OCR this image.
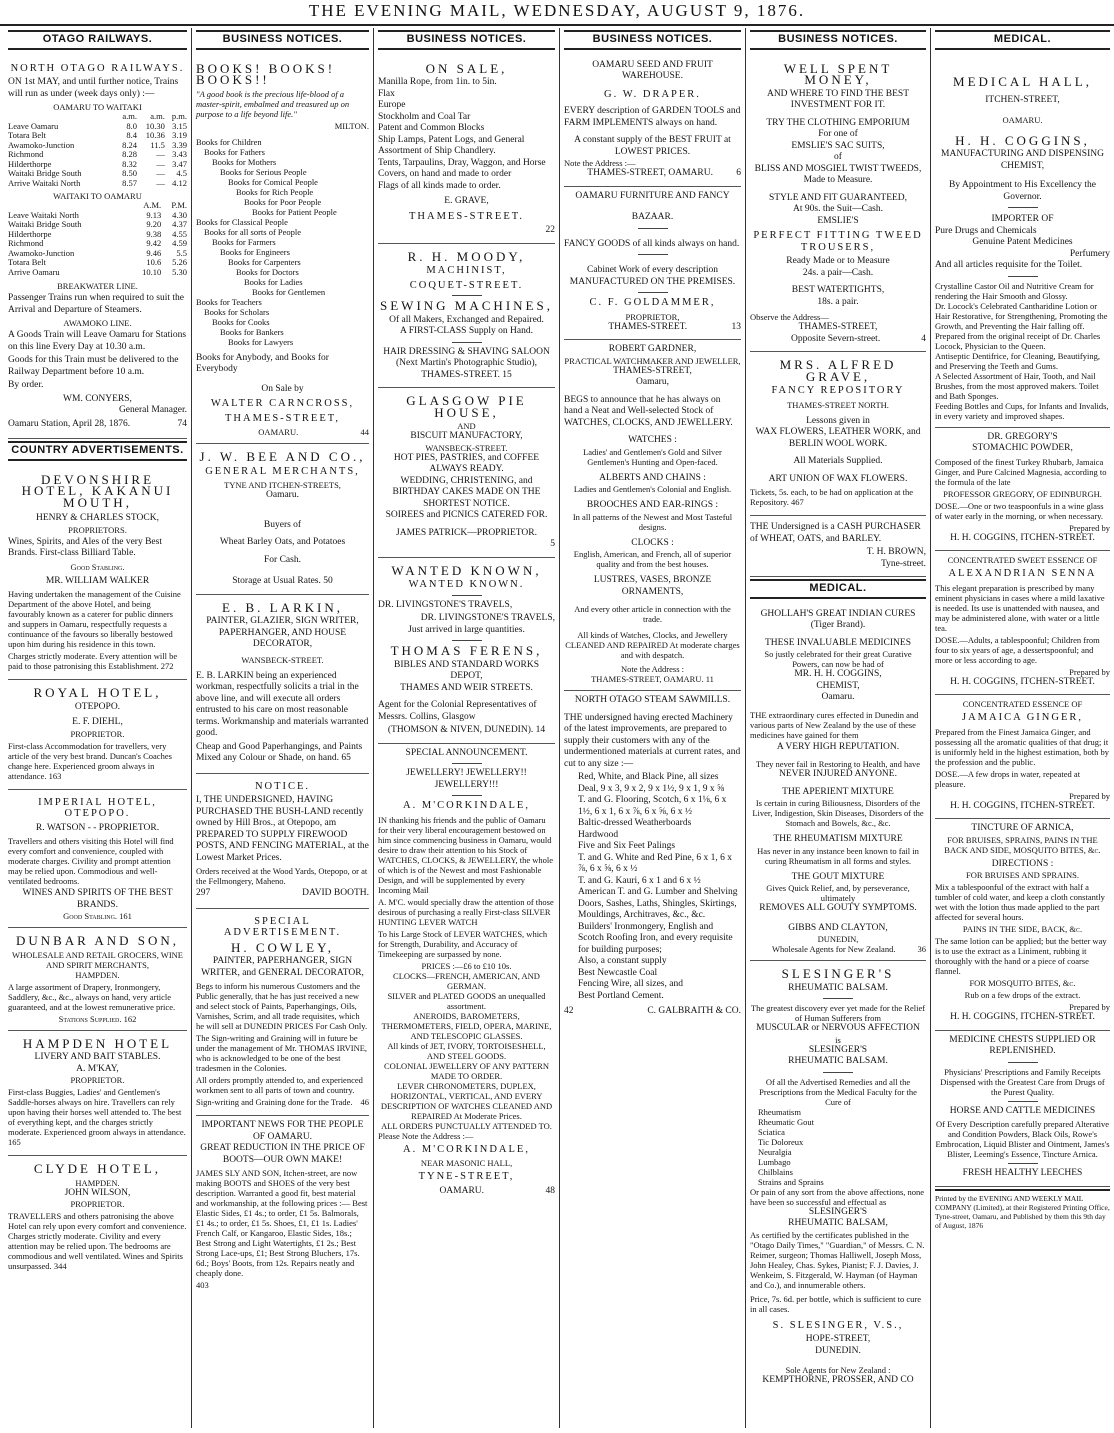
THE EVENING MAIL, WEDNESDAY, AUGUST 9, 1876.
OTAGO RAILWAYS.
NORTH OTAGO RAILWAYS.

ON 1st MAY, and until further notice, Trains will run as under (week days only) :—

OAMARU TO WAITAKI
	a.m.	a.m.	p.m.
Leave Oamaru	8.0	10.30	3.15
Totara Belt	8.4	10.36	3.19
Awamoko-Junction	8.24	11.5	3.39
Richmond	8.28	—	3.43
Hilderthorpe	8.32	—	3.47
Waitaki Bridge South	8.50	—	4.5
Arrive Waitaki North	8.57	—	4.12
WAITAKI TO OAMARU
	A.M.	P.M.
Leave Waitaki North	9.13	4.30
Waitaki Bridge South	9.20	4.37
Hilderthorpe	9.38	4.55
Richmond	9.42	4.59
Awamoko-Junction	9.46	5.5
Totara Belt	10.6	5.26
Arrive Oamaru	10.10	5.30
BREAKWATER LINE.

Passenger Trains run when required to suit the Arrival and Departure of Steamers.

AWAMOKO LINE.

A Goods Train will Leave Oamaru for Stations on this line Every Day at 10.30 a.m.

Goods for this Train must be delivered to the Railway Department before 10 a.m.

By order.

WM. CONYERS,
General Manager.

Oamaru Station, April 28, 1876.	74

COUNTRY ADVERTISEMENTS.
DEVONSHIRE HOTEL, KAKANUI MOUTH,
HENRY & CHARLES STOCK,
PROPRIETORS.

Wines, Spirits, and Ales of the very Best Brands. First-class Billiard Table.

Good Stabling.
MR. WILLIAM WALKER

Having undertaken the management of the Cuisine Department of the above Hotel, and being favourably known as a caterer for public dinners and suppers in Oamaru, respectfully requests a continuance of the favours so liberally bestowed upon him during his residence in this town.

Charges strictly moderate. Every attention will be paid to those patronising this Establishment. 272

ROYAL HOTEL,
OTEPOPO.
E. F. DIEHL,
PROPRIETOR.

First-class Accommodation for travellers, very article of the very best brand. Duncan's Coaches change here. Experienced groom always in attendance. 163

IMPERIAL HOTEL, OTEPOPO.
R. WATSON - - PROPRIETOR.

Travellers and others visiting this Hotel will find every comfort and convenience, coupled with moderate charges. Civility and prompt attention may be relied upon. Commodious and well-ventilated bedrooms.

WINES AND SPIRITS OF THE BEST BRANDS.
Good Stabling. 161
DUNBAR AND SON,
WHOLESALE AND RETAIL GROCERS, WINE AND SPIRIT MERCHANTS,
HAMPDEN.

A large assortment of Drapery, Ironmongery, Saddlery, &c., &c., always on hand, very article guaranteed, and at the lowest remunerative price.

Stations Supplied. 162
HAMPDEN HOTEL
LIVERY AND BAIT STABLES.
A. M'KAY,
PROPRIETOR.

First-class Buggies, Ladies' and Gentlemen's Saddle-horses always on hire. Travellers can rely upon having their horses well attended to. The best of everything kept, and the charges strictly moderate. Experienced groom always in attendance. 165

CLYDE HOTEL,
HAMPDEN.
JOHN WILSON,
PROPRIETOR.

TRAVELLERS and others patronising the above Hotel can rely upon every comfort and convenience. Charges strictly moderate. Civility and every attention may be relied upon. The bedrooms are commodious and well ventilated. Wines and Spirits unsurpassed. 344

BUSINESS NOTICES.
BOOKS! BOOKS! BOOKS!!

"A good book is the precious life-blood of a master-spirit, embalmed and treasured up on purpose to a life beyond life."

MILTON.
Books for Children
Books for Fathers
Books for Mothers
Books for Serious People
Books for Comical People
Books for Rich People
Books for Poor People
Books for Patient People
Books for Classical People
Books for all sorts of People
Books for Farmers
Books for Engineers
Books for Carpenters
Books for Doctors
Books for Ladies
Books for Gentlemen
Books for Teachers
Books for Scholars
Books for Cooks
Books for Bankers
Books for Lawyers

Books for Anybody, and Books for Everybody

On Sale by
WALTER CARNCROSS,
THAMES-STREET,
OAMARU.	44
J. W. BEE AND CO.,
GENERAL MERCHANTS,
TYNE AND ITCHEN-STREETS,
Oamaru.
Buyers of
Wheat Barley Oats, and Potatoes
For Cash.
Storage at Usual Rates. 50
E. B. LARKIN,
PAINTER, GLAZIER, SIGN WRITER, PAPERHANGER, AND HOUSE DECORATOR,
WANSBECK-STREET.

E. B. LARKIN being an experienced workman, respectfully solicits a trial in the above line, and will execute all orders entrusted to his care on most reasonable terms. Workmanship and materials warranted good.

Cheap and Good Paperhangings, and Paints Mixed any Colour or Shade, on hand. 65

NOTICE.

I, THE UNDERSIGNED, HAVING PURCHASED THE BUSH-LAND recently owned by Hill Bros., at Otepopo, am PREPARED TO SUPPLY FIREWOOD POSTS, AND FENCING MATERIAL, at the Lowest Market Prices.

Orders received at the Wood Yards, Otepopo, or at the Fellmongery, Maheno.

297	DAVID BOOTH.

SPECIAL ADVERTISEMENT.
H. COWLEY,
PAINTER, PAPERHANGER, SIGN WRITER, and GENERAL DECORATOR,

Begs to inform his numerous Customers and the Public generally, that he has just received a new and select stock of Paints, Paperhangings, Oils, Varnishes, Scrim, and all trade requisites, which he will sell at DUNEDIN PRICES For Cash Only.

The Sign-writing and Graining will in future be under the management of Mr. THOMAS IRVINE, who is acknowledged to be one of the best tradesmen in the Colonies.

All orders promptly attended to, and experienced workmen sent to all parts of town and country.

Sign-writing and Graining done for the Trade. 46

IMPORTANT NEWS FOR THE PEOPLE OF OAMARU.
GREAT REDUCTION IN THE PRICE OF BOOTS—OUR OWN MAKE!

JAMES SLY AND SON, Itchen-street, are now making BOOTS and SHOES of the very best description. Warranted a good fit, best material and workmanship, at the following prices :— Best Elastic Sides, £1 4s.; to order, £1 5s. Balmorals, £1 4s.; to order, £1 5s. Shoes, £1, £1 1s. Ladies' French Calf, or Kangaroo, Elastic Sides, 18s.; Best Strong and Light Watertights, £1 2s.; Best Strong Lace-ups, £1; Best Strong Bluchers, 17s. 6d.; Boys' Boots, from 12s. Repairs neatly and cheaply done.

403

BUSINESS NOTICES.
ON SALE,
Manilla Rope, from 1in. to 5in.
Flax
Europe
Stockholm and Coal Tar
Patent and Common Blocks
Ship Lamps, Patent Logs, and General Assortment of Ship Chandlery.
Tents, Tarpaulins, Dray, Waggon, and Horse Covers, on hand and made to order
Flags of all kinds made to order.
E. GRAVE,
THAMES-STREET.
22
R. H. MOODY,
MACHINIST,
COQUET-STREET.
SEWING MACHINES,
Of all Makers, Exchanged and Repaired.
A FIRST-CLASS Supply on Hand.
HAIR DRESSING & SHAVING SALOON
(Next Martin's Photographic Studio),
THAMES-STREET. 15
GLASGOW PIE HOUSE,
AND
BISCUIT MANUFACTORY,
WANSBECK-STREET.
HOT PIES, PASTRIES, and COFFEE ALWAYS READY.
WEDDING, CHRISTENING, and BIRTHDAY CAKES MADE ON THE SHORTEST NOTICE.
SOIREES and PICNICS CATERED FOR.
JAMES PATRICK—PROPRIETOR.
5
WANTED KNOWN,
WANTED KNOWN.

DR. LIVINGSTONE'S TRAVELS,

DR. LIVINGSTONE'S TRAVELS,
Just arrived in large quantities.
THOMAS FERENS,
BIBLES AND STANDARD WORKS DEPOT,
THAMES AND WEIR STREETS.

Agent for the Colonial Representatives of Messrs. Collins, Glasgow

(THOMSON & NIVEN, DUNEDIN). 14
SPECIAL ANNOUNCEMENT.
JEWELLERY! JEWELLERY!! JEWELLERY!!!
A. M'CORKINDALE,

IN thanking his friends and the public of Oamaru for their very liberal encouragement bestowed on him since commencing business in Oamaru, would desire to draw their attention to his Stock of WATCHES, CLOCKS, & JEWELLERY, the whole of which is of the Newest and most Fashionable Design, and will be supplemented by every Incoming Mail

A. M'C. would specially draw the attention of those desirous of purchasing a really First-class SILVER HUNTING LEVER WATCH

To his Large Stock of LEVER WATCHES, which for Strength, Durability, and Accuracy of Timekeeping are surpassed by none.

PRICES :—£6 to £10 10s.
CLOCKS—FRENCH, AMERICAN, AND GERMAN.
SILVER and PLATED GOODS an unequalled assortment.
ANEROIDS, BAROMETERS, THERMOMETERS, FIELD, OPERA, MARINE, AND TELESCOPIC GLASSES.
All kinds of JET, IVORY, TORTOISESHELL, AND STEEL GOODS.
COLONIAL JEWELLERY OF ANY PATTERN MADE TO ORDER.
LEVER CHRONOMETERS, DUPLEX, HORIZONTAL, VERTICAL, AND EVERY DESCRIPTION OF WATCHES CLEANED AND REPAIRED At Moderate Prices.
ALL ORDERS PUNCTUALLY ATTENDED TO.
Please Note the Address :—
A. M'CORKINDALE,
NEAR MASONIC HALL,
TYNE-STREET,
OAMARU.	48
BUSINESS NOTICES.
OAMARU SEED AND FRUIT WAREHOUSE.
G. W. DRAPER.

EVERY description of GARDEN TOOLS and FARM IMPLEMENTS always on hand.

A constant supply of the BEST FRUIT at LOWEST PRICES.
Note the Address :—
THAMES-STREET, OAMARU. 6
OAMARU FURNITURE AND FANCY
BAZAAR.

FANCY GOODS of all kinds always on hand.

Cabinet Work of every description
MANUFACTURED ON THE PREMISES.
C. F. GOLDAMMER,
PROPRIETOR,
THAMES-STREET.	13
ROBERT GARDNER,
PRACTICAL WATCHMAKER AND JEWELLER,
THAMES-STREET,
Oamaru,

BEGS to announce that he has always on hand a Neat and Well-selected Stock of WATCHES, CLOCKS, AND JEWELLERY.

WATCHES :
Ladies' and Gentlemen's Gold and Silver Gentlemen's Hunting and Open-faced.
ALBERTS AND CHAINS :
Ladies and Gentlemen's Colonial and English.
BROOCHES AND EAR-RINGS :
In all patterns of the Newest and Most Tasteful designs.
CLOCKS :
English, American, and French, all of superior quality and from the best houses.
LUSTRES, VASES, BRONZE ORNAMENTS,
And every other article in connection with the trade.
All kinds of Watches, Clocks, and Jewellery CLEANED AND REPAIRED At moderate charges and with despatch.
Note the Address :
THAMES-STREET, OAMARU. 11
NORTH OTAGO STEAM SAWMILLS.

THE undersigned having erected Machinery of the latest improvements, are prepared to supply their customers with any of the undermentioned materials at current rates, and cut to any size :—

Red, White, and Black Pine, all sizes
Deal, 9 x 3, 9 x 2, 9 x 1½, 9 x 1, 9 x ⅝
T. and G. Flooring, Scotch, 6 x 1⅛, 6 x 1½, 6 x 1, 6 x ⅞, 6 x ⅝, 6 x ½
Baltic-dressed Weatherboards
Hardwood
Five and Six Feet Palings
T. and G. White and Red Pine, 6 x 1, 6 x ⅞, 6 x ⅝, 6 x ½
T. and G. Kauri, 6 x 1 and 6 x ½
American T. and G. Lumber and Shelving
Doors, Sashes, Laths, Shingles, Skirtings, Mouldings, Architraves, &c., &c. Builders' Ironmongery, English and Scotch Roofing Iron, and every requisite for building purposes;
Also, a constant supply
Best Newcastle Coal
Fencing Wire, all sizes, and
Best Portland Cement.

42	C. GALBRAITH & CO.

BUSINESS NOTICES.
WELL SPENT MONEY,
AND WHERE TO FIND THE BEST INVESTMENT FOR IT.
TRY THE CLOTHING EMPORIUM
For one of
EMSLIE'S SAC SUITS,
of
BLISS AND MOSGIEL TWIST TWEEDS, Made to Measure.
STYLE AND FIT GUARANTEED,
At 90s. the Suit—Cash.
EMSLIE'S
PERFECT FITTING TWEED TROUSERS,
Ready Made or to Measure
24s. a pair—Cash.
BEST WATERTIGHTS,
18s. a pair.
Observe the Address—
THAMES-STREET,
Opposite Severn-street.	4
MRS. ALFRED GRAVE,
FANCY REPOSITORY
THAMES-STREET NORTH.
Lessons given in
WAX FLOWERS, LEATHER WORK, and BERLIN WOOL WORK.
All Materials Supplied.
ART UNION OF WAX FLOWERS.

Tickets, 5s. each, to be had on application at the Repository. 467

THE Undersigned is a CASH PURCHASER of WHEAT, OATS, and BARLEY.

T. H. BROWN,
Tyne-street.
MEDICAL.
GHOLLAH'S GREAT INDIAN CURES (Tiger Brand).
THESE INVALUABLE MEDICINES
So justly celebrated for their great Curative Powers, can now be had of
MR. H. H. COGGINS,
CHEMIST,
Oamaru.

THE extraordinary cures effected in Dunedin and various parts of New Zealand by the use of these medicines have gained for them

A VERY HIGH REPUTATION.
They never fail in Restoring to Health, and have
NEVER INJURED ANYONE.
THE APERIENT MIXTURE
Is certain in curing Biliousness, Disorders of the Liver, Indigestion, Skin Diseases, Disorders of the Stomach and Bowels, &c., &c.
THE RHEUMATISM MIXTURE
Has never in any instance been known to fail in curing Rheumatism in all forms and styles.
THE GOUT MIXTURE
Gives Quick Relief, and, by perseverance, ultimately
REMOVES ALL GOUTY SYMPTOMS.
GIBBS AND CLAYTON,
DUNEDIN,
Wholesale Agents for New Zealand.	36
SLESINGER'S
RHEUMATIC BALSAM.
The greatest discovery ever yet made for the Relief of Human Sufferers from
MUSCULAR or NERVOUS AFFECTION
is
SLESINGER'S
RHEUMATIC BALSAM.
Of all the Advertised Remedies and all the Prescriptions from the Medical Faculty for the Cure of
Rheumatism
Rheumatic Gout
Sciatica
Tic Doloreux
Neuralgia
Lumbago
Chilblains
Strains and Sprains
Or pain of any sort from the above affections, none have been so successful and effectual as
SLESINGER'S
RHEUMATIC BALSAM,
As certified by the certificates published in the "Otago Daily Times," "Guardian," of Messrs. C. N. Reimer, surgeon; Thomas Halliwell, Joseph Moss, John Healey, Chas. Sykes, Pianist; F. J. Davies, J. Wenkeim, S. Fitzgerald, W. Hayman (of Hayman and Co.), and innumerable others.
Price, 7s. 6d. per bottle, which is sufficient to cure in all cases.
S. SLESINGER, V.S.,
HOPE-STREET,
DUNEDIN.
Sole Agents for New Zealand :
KEMPTHORNE, PROSSER, AND CO
MEDICAL.
MEDICAL HALL,
ITCHEN-STREET,
OAMARU.
H. H. COGGINS,
MANUFACTURING AND DISPENSING CHEMIST,
By Appointment to His Excellency the Governor.
IMPORTER OF
Pure Drugs and Chemicals
Genuine Patent Medicines
Perfumery
And all articles requisite for the Toilet.
Crystalline Castor Oil and Nutritive Cream for rendering the Hair Smooth and Glossy.
Dr. Locock's Celebrated Cantharidine Lotion or Hair Restorative, for Strengthening, Promoting the Growth, and Preventing the Hair falling off. Prepared from the original receipt of Dr. Charles Locock, Physician to the Queen.
Antiseptic Dentifrice, for Cleaning, Beautifying, and Preserving the Teeth and Gums.
A Selected Assortment of Hair, Tooth, and Nail Brushes, from the most approved makers. Toilet and Bath Sponges.
Feeding Bottles and Cups, for Infants and Invalids, in every variety and improved shapes.
DR. GREGORY'S
STOMACHIC POWDER,

Composed of the finest Turkey Rhubarb, Jamaica Ginger, and Pure Calcined Magnesia, according to the formula of the late

PROFESSOR GREGORY, OF EDINBURGH.

DOSE.—One or two teaspoonfuls in a wine glass of water early in the morning, or when necessary.

Prepared by
H. H. COGGINS, ITCHEN-STREET.
CONCENTRATED SWEET ESSENCE OF
ALEXANDRIAN SENNA

This elegant preparation is prescribed by many eminent physicians in cases where a mild laxative is needed. Its use is unattended with nausea, and may be administered alone, with water or a little tea.

DOSE.—Adults, a tablespoonful; Children from four to six years of age, a dessertspoonful; and more or less according to age.

Prepared by
H. H. COGGINS, ITCHEN-STREET.
CONCENTRATED ESSENCE OF
JAMAICA GINGER,

Prepared from the Finest Jamaica Ginger, and possessing all the aromatic qualities of that drug; it is uniformly held in the highest estimation, both by the profession and the public.

DOSE.—A few drops in water, repeated at pleasure.

Prepared by
H. H. COGGINS, ITCHEN-STREET.
TINCTURE OF ARNICA,
FOR BRUISES, SPRAINS, PAINS IN THE BACK AND SIDE, MOSQUITO BITES, &c.
DIRECTIONS :
FOR BRUISES AND SPRAINS.

Mix a tablespoonful of the extract with half a tumbler of cold water, and keep a cloth constantly wet with the lotion thus made applied to the part affected for several hours.

PAINS IN THE SIDE, BACK, &c.

The same lotion can be applied; but the better way is to use the extract as a Liniment, rubbing it thoroughly with the hand or a piece of coarse flannel.

FOR MOSQUITO BITES, &c.

Rub on a few drops of the extract.

Prepared by
H. H. COGGINS, ITCHEN-STREET.
MEDICINE CHESTS SUPPLIED OR REPLENISHED.

Physicians' Prescriptions and Family Receipts Dispensed with the Greatest Care from Drugs of the Purest Quality.

HORSE AND CATTLE MEDICINES

Of Every Description carefully prepared Alterative and Condition Powders, Black Oils, Rowe's Embrocation, Liquid Blister and Ointment, James's Blister, Leeming's Essence, Tincture Arnica.

FRESH HEALTHY LEECHES

Printed by the EVENING AND WEEKLY MAIL COMPANY (Limited), at their Registered Printing Office, Tyne-street, Oamaru, and Published by them this 9th day of August, 1876
